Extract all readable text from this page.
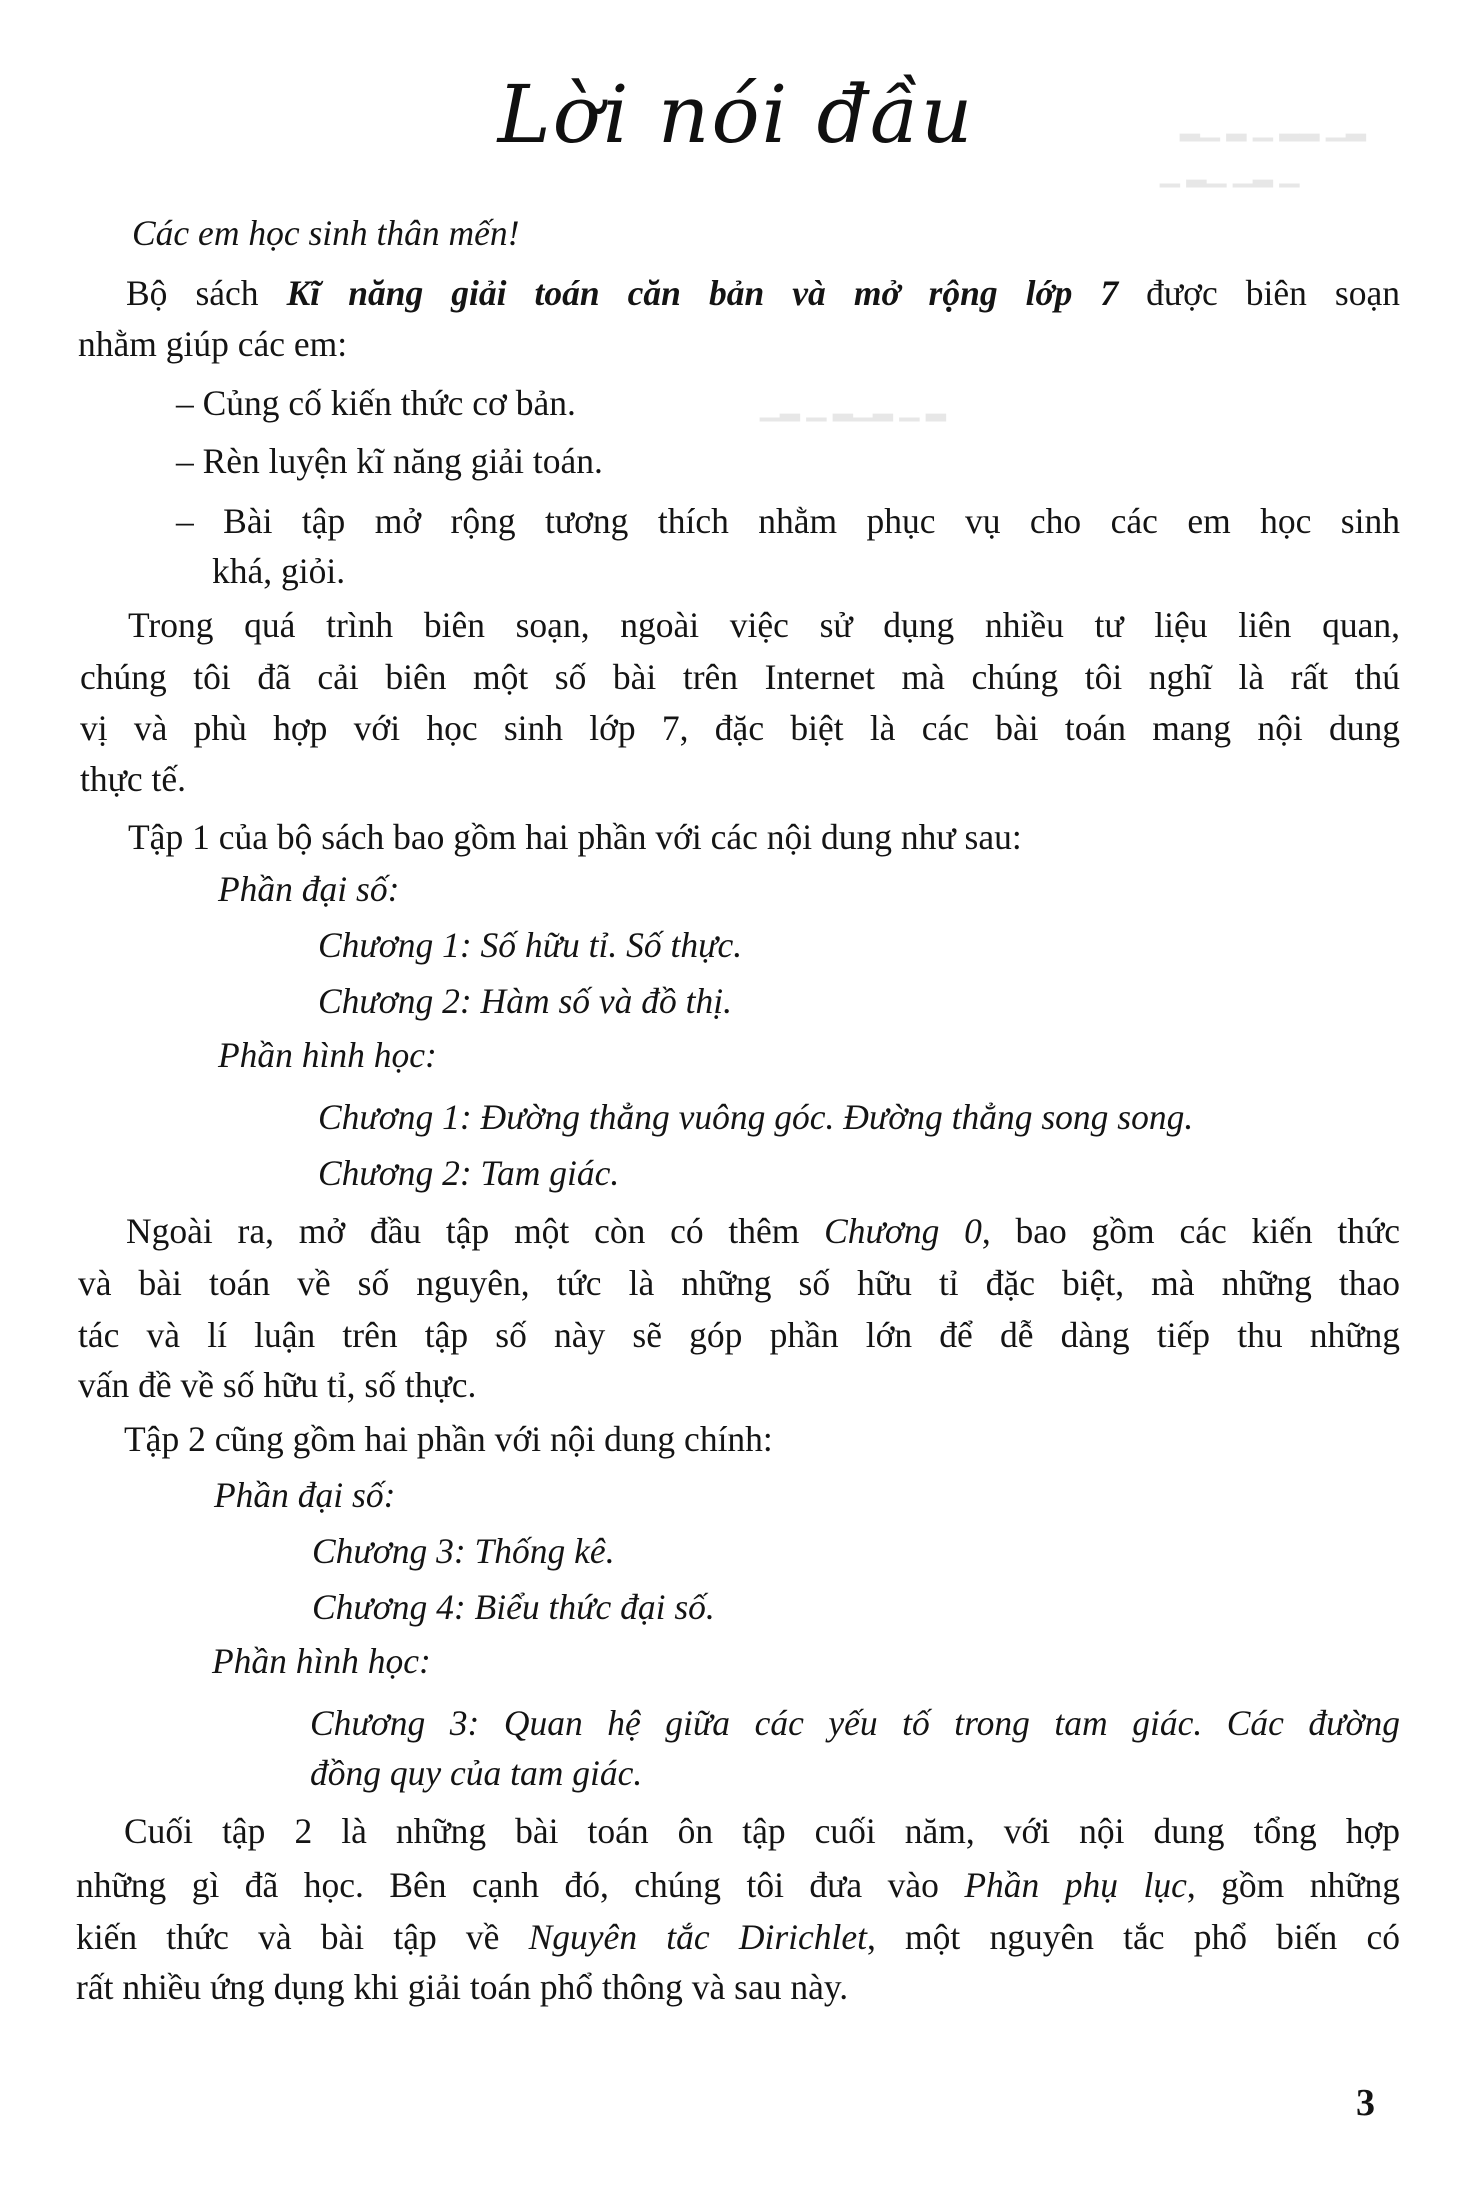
▂▁ ▂ ▁ ▂▂ ▁▂
▁ ▂▁ ▁▂ ▁
▁▂ ▁ ▂▁▂ ▁ ▂
Lời nói đầu
Các em học sinh thân mến!
Bộ sách Kĩ năng giải toán căn bản và mở rộng lớp 7 được biên soạn
nhằm giúp các em:
– Củng cố kiến thức cơ bản.
– Rèn luyện kĩ năng giải toán.
– Bài tập mở rộng tương thích nhằm phục vụ cho các em học sinh
khá, giỏi.
Trong quá trình biên soạn, ngoài việc sử dụng nhiều tư liệu liên quan,
chúng tôi đã cải biên một số bài trên Internet mà chúng tôi nghĩ là rất thú
vị và phù hợp với học sinh lớp 7, đặc biệt là các bài toán mang nội dung
thực tế.
Tập 1 của bộ sách bao gồm hai phần với các nội dung như sau:
Phần đại số:
Chương 1: Số hữu tỉ. Số thực.
Chương 2: Hàm số và đồ thị.
Phần hình học:
Chương 1: Đường thẳng vuông góc. Đường thẳng song song.
Chương 2: Tam giác.
Ngoài ra, mở đầu tập một còn có thêm Chương 0, bao gồm các kiến thức
và bài toán về số nguyên, tức là những số hữu tỉ đặc biệt, mà những thao
tác và lí luận trên tập số này sẽ góp phần lớn để dễ dàng tiếp thu những
vấn đề về số hữu tỉ, số thực.
Tập 2 cũng gồm hai phần với nội dung chính:
Phần đại số:
Chương 3: Thống kê.
Chương 4: Biểu thức đại số.
Phần hình học:
Chương 3: Quan hệ giữa các yếu tố trong tam giác. Các đường
đồng quy của tam giác.
Cuối tập 2 là những bài toán ôn tập cuối năm, với nội dung tổng hợp
những gì đã học. Bên cạnh đó, chúng tôi đưa vào Phần phụ lục, gồm những
kiến thức và bài tập về Nguyên tắc Dirichlet, một nguyên tắc phổ biến có
rất nhiều ứng dụng khi giải toán phổ thông và sau này.
3
